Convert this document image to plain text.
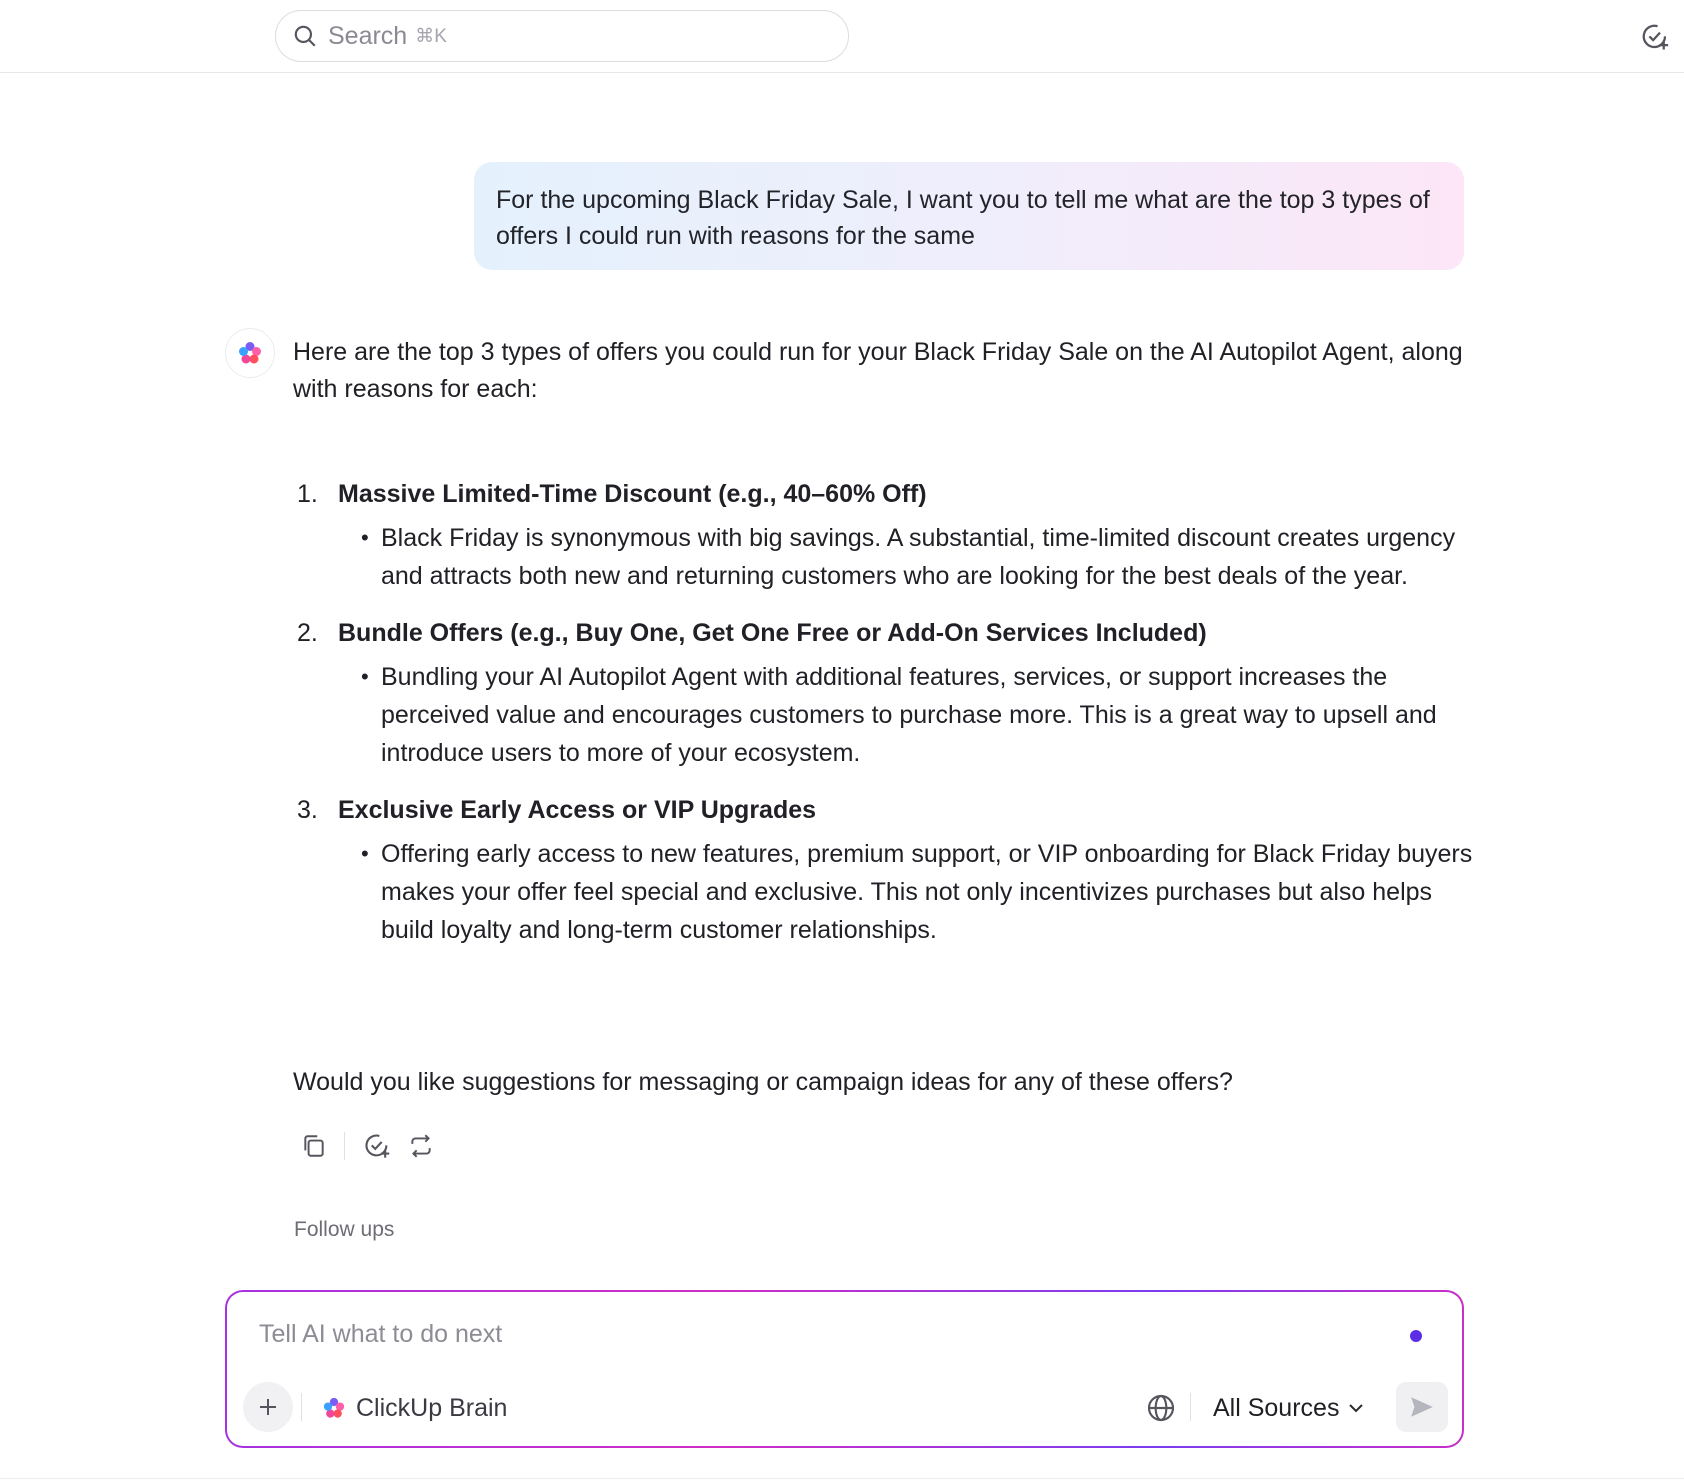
Search ⌘K
For the upcoming Black Friday Sale, I want you to tell me what are the top 3 types of offers I could run with reasons for the same

Here are the top 3 types of offers you could run for your Black Friday Sale on the AI Autopilot Agent, along with reasons for each:

1. Massive Limited-Time Discount (e.g., 40–60% Off)
• Black Friday is synonymous with big savings. A substantial, time-limited discount creates urgency and attracts both new and returning customers who are looking for the best deals of the year.
2. Bundle Offers (e.g., Buy One, Get One Free or Add-On Services Included)
• Bundling your AI Autopilot Agent with additional features, services, or support increases the perceived value and encourages customers to purchase more. This is a great way to upsell and introduce users to more of your ecosystem.
3. Exclusive Early Access or VIP Upgrades
• Offering early access to new features, premium support, or VIP onboarding for Black Friday buyers makes your offer feel special and exclusive. This not only incentivizes purchases but also helps build loyalty and long-term customer relationships.

Would you like suggestions for messaging or campaign ideas for any of these offers?

Follow ups
Tell AI what to do next
ClickUp Brain	All Sources
